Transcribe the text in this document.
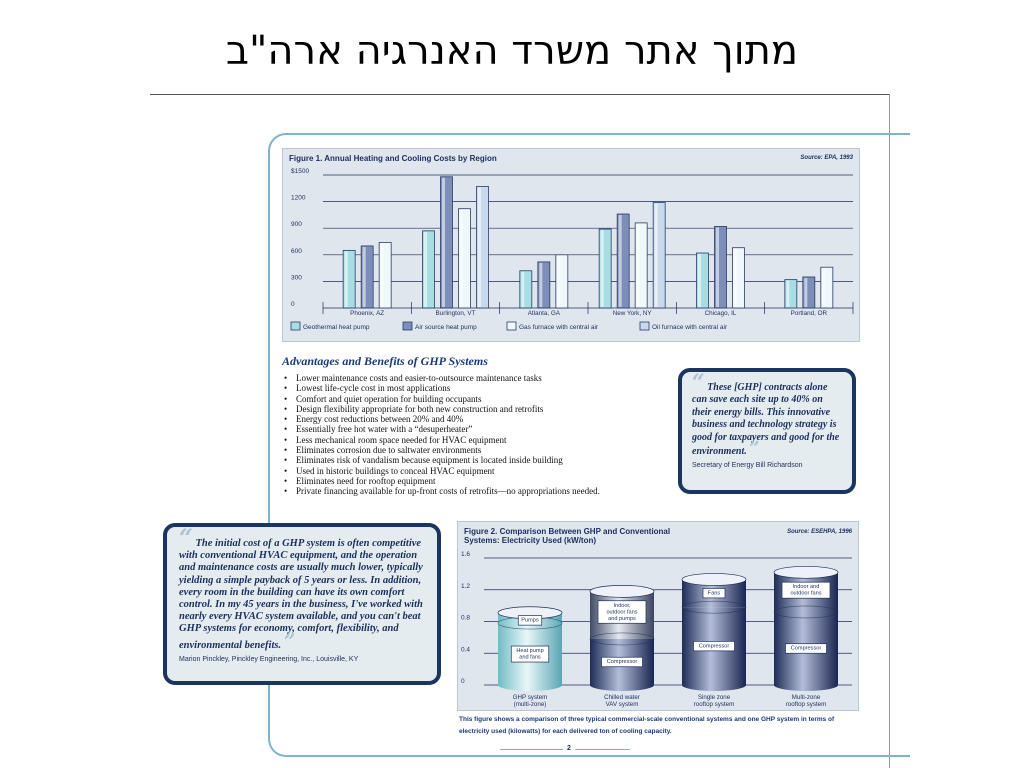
מתוך אתר משרד האנרגיה ארה"ב
Figure 1. Annual Heating and Cooling Costs by Region	Source: EPA, 1993
$1500
1200
900
600
300
0
Phoenix, AZ	Burlington, VT	Atlanta, GA	New York, NY	Chicago, IL	Portland, OR
Geothermal heat pump	Air source heat pump	Gas furnace with central air	Oil furnace with central air
Advantages and Benefits of GHP Systems
• Lower maintenance costs and easier-to-outsource maintenance tasks
• Lowest life-cycle cost in most applications
• Comfort and quiet operation for building occupants
• Design flexibility appropriate for both new construction and retrofits
• Energy cost reductions between 20% and 40%
• Essentially free hot water with a “desuperheater”
• Less mechanical room space needed for HVAC equipment
• Eliminates corrosion due to saltwater environments
• Eliminates risk of vandalism because equipment is located inside building
• Used in historic buildings to conceal HVAC equipment
• Eliminates need for rooftop equipment
• Private financing available for up-front costs of retrofits—no appropriations needed.
“ These [GHP] contracts alone can save each site up to 40% on their energy bills. This innovative business and technology strategy is good for taxpayers and good for the environment. ”
Secretary of Energy Bill Richardson
“ The initial cost of a GHP system is often competitive with conventional HVAC equipment, and the operation and maintenance costs are usually much lower, typically yielding a simple payback of 5 years or less. In addition, every room in the building can have its own comfort control. In my 45 years in the business, I've worked with nearly every HVAC system available, and you can't beat GHP systems for economy, comfort, flexibility, and environmental benefits. ”
Marion Pinckley, Pinckley Engineering, Inc., Louisville, KY
Figure 2. Comparison Between GHP and Conventional
Systems: Electricity Used (kW/ton)
Source: ESEHPA, 1996
1.6
1.2
0.8
0.4
0
Heat pump
and fans
Pumps
GHP system
(multi-zone)
Compressor
Indoor,
outdoor fans
and pumps
Chilled water
VAV system
Compressor
Fans
Single zone
rooftop system
Compressor
Indoor and
outdoor fans
Multi-zone
rooftop system
This figure shows a comparison of three typical commercial-scale conventional systems and one GHP system in terms of electricity used (kilowatts) for each delivered ton of cooling capacity.
2
